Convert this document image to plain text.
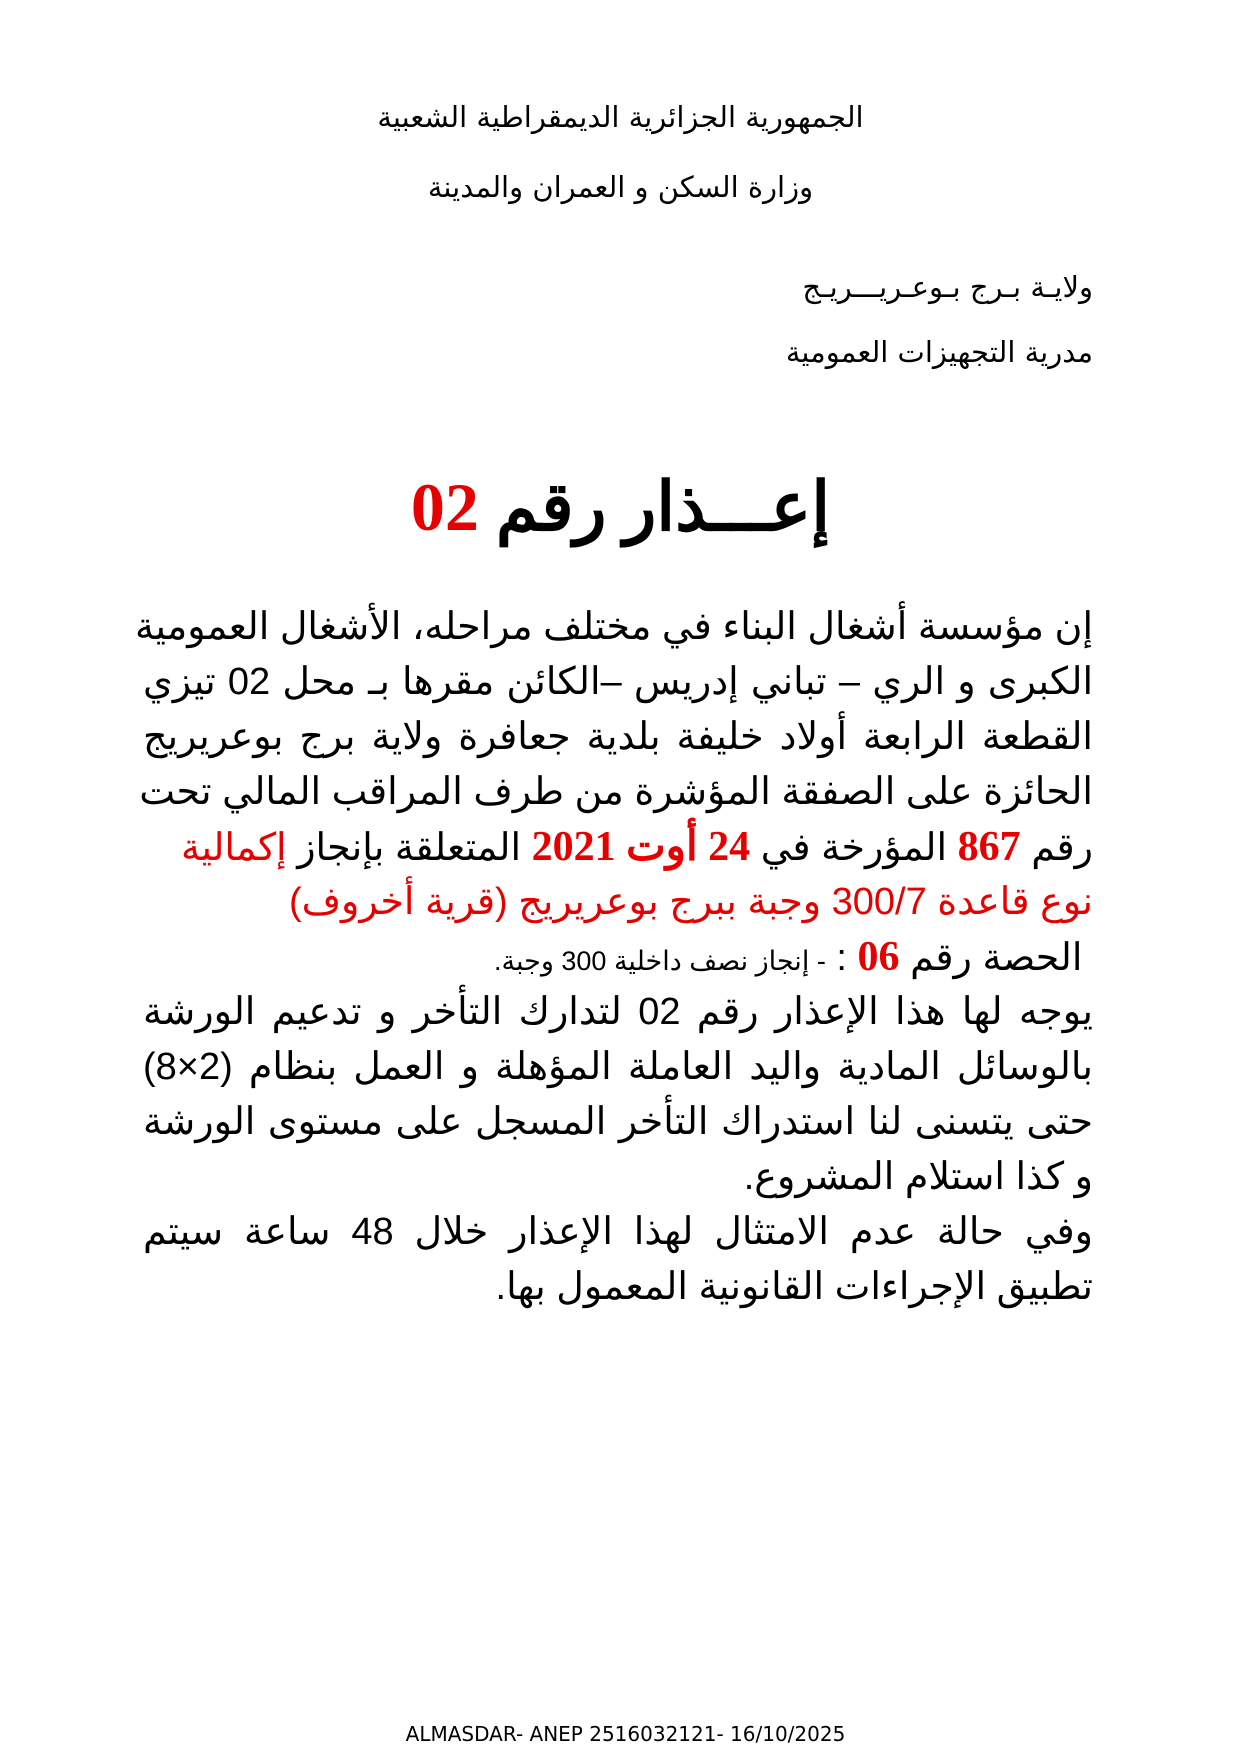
الجمهورية الجزائرية الديمقراطية الشعبية
وزارة السكن و العمران والمدينة
ولايـة بـرج بـوعـريـــريـج
مدرية التجهيزات العمومية
إعـــذار رقم 02
إن مؤسسة أشغال البناء في مختلف مراحله، الأشغال العمومية
الكبرى و الري – تباني إدريس –الكائن مقرها بـ محل 02 تيزي
القطعة الرابعة أولاد خليفة بلدية جعافرة ولاية برج بوعريريج
الحائزة على الصفقة المؤشرة من طرف المراقب المالي تحت
رقم 867 المؤرخة في 24 أوت 2021 المتعلقة بإنجاز إكمالية
نوع قاعدة 300/7 وجبة ببرج بوعريريج (قرية أخروف)
الحصة رقم 06 : - إنجاز نصف داخلية 300 وجبة.
يوجه لها هذا الإعذار رقم 02 لتدارك التأخر و تدعيم الورشة
بالوسائل المادية واليد العاملة المؤهلة و العمل بنظام (2×8)
حتى يتسنى لنا استدراك التأخر المسجل على مستوى الورشة
و كذا استلام المشروع.
وفي حالة عدم الامتثال لهذا الإعذار خلال 48 ساعة سيتم
تطبيق الإجراءات القانونية المعمول بها.
ALMASDAR- ANEP 2516032121- 16/10/2025
